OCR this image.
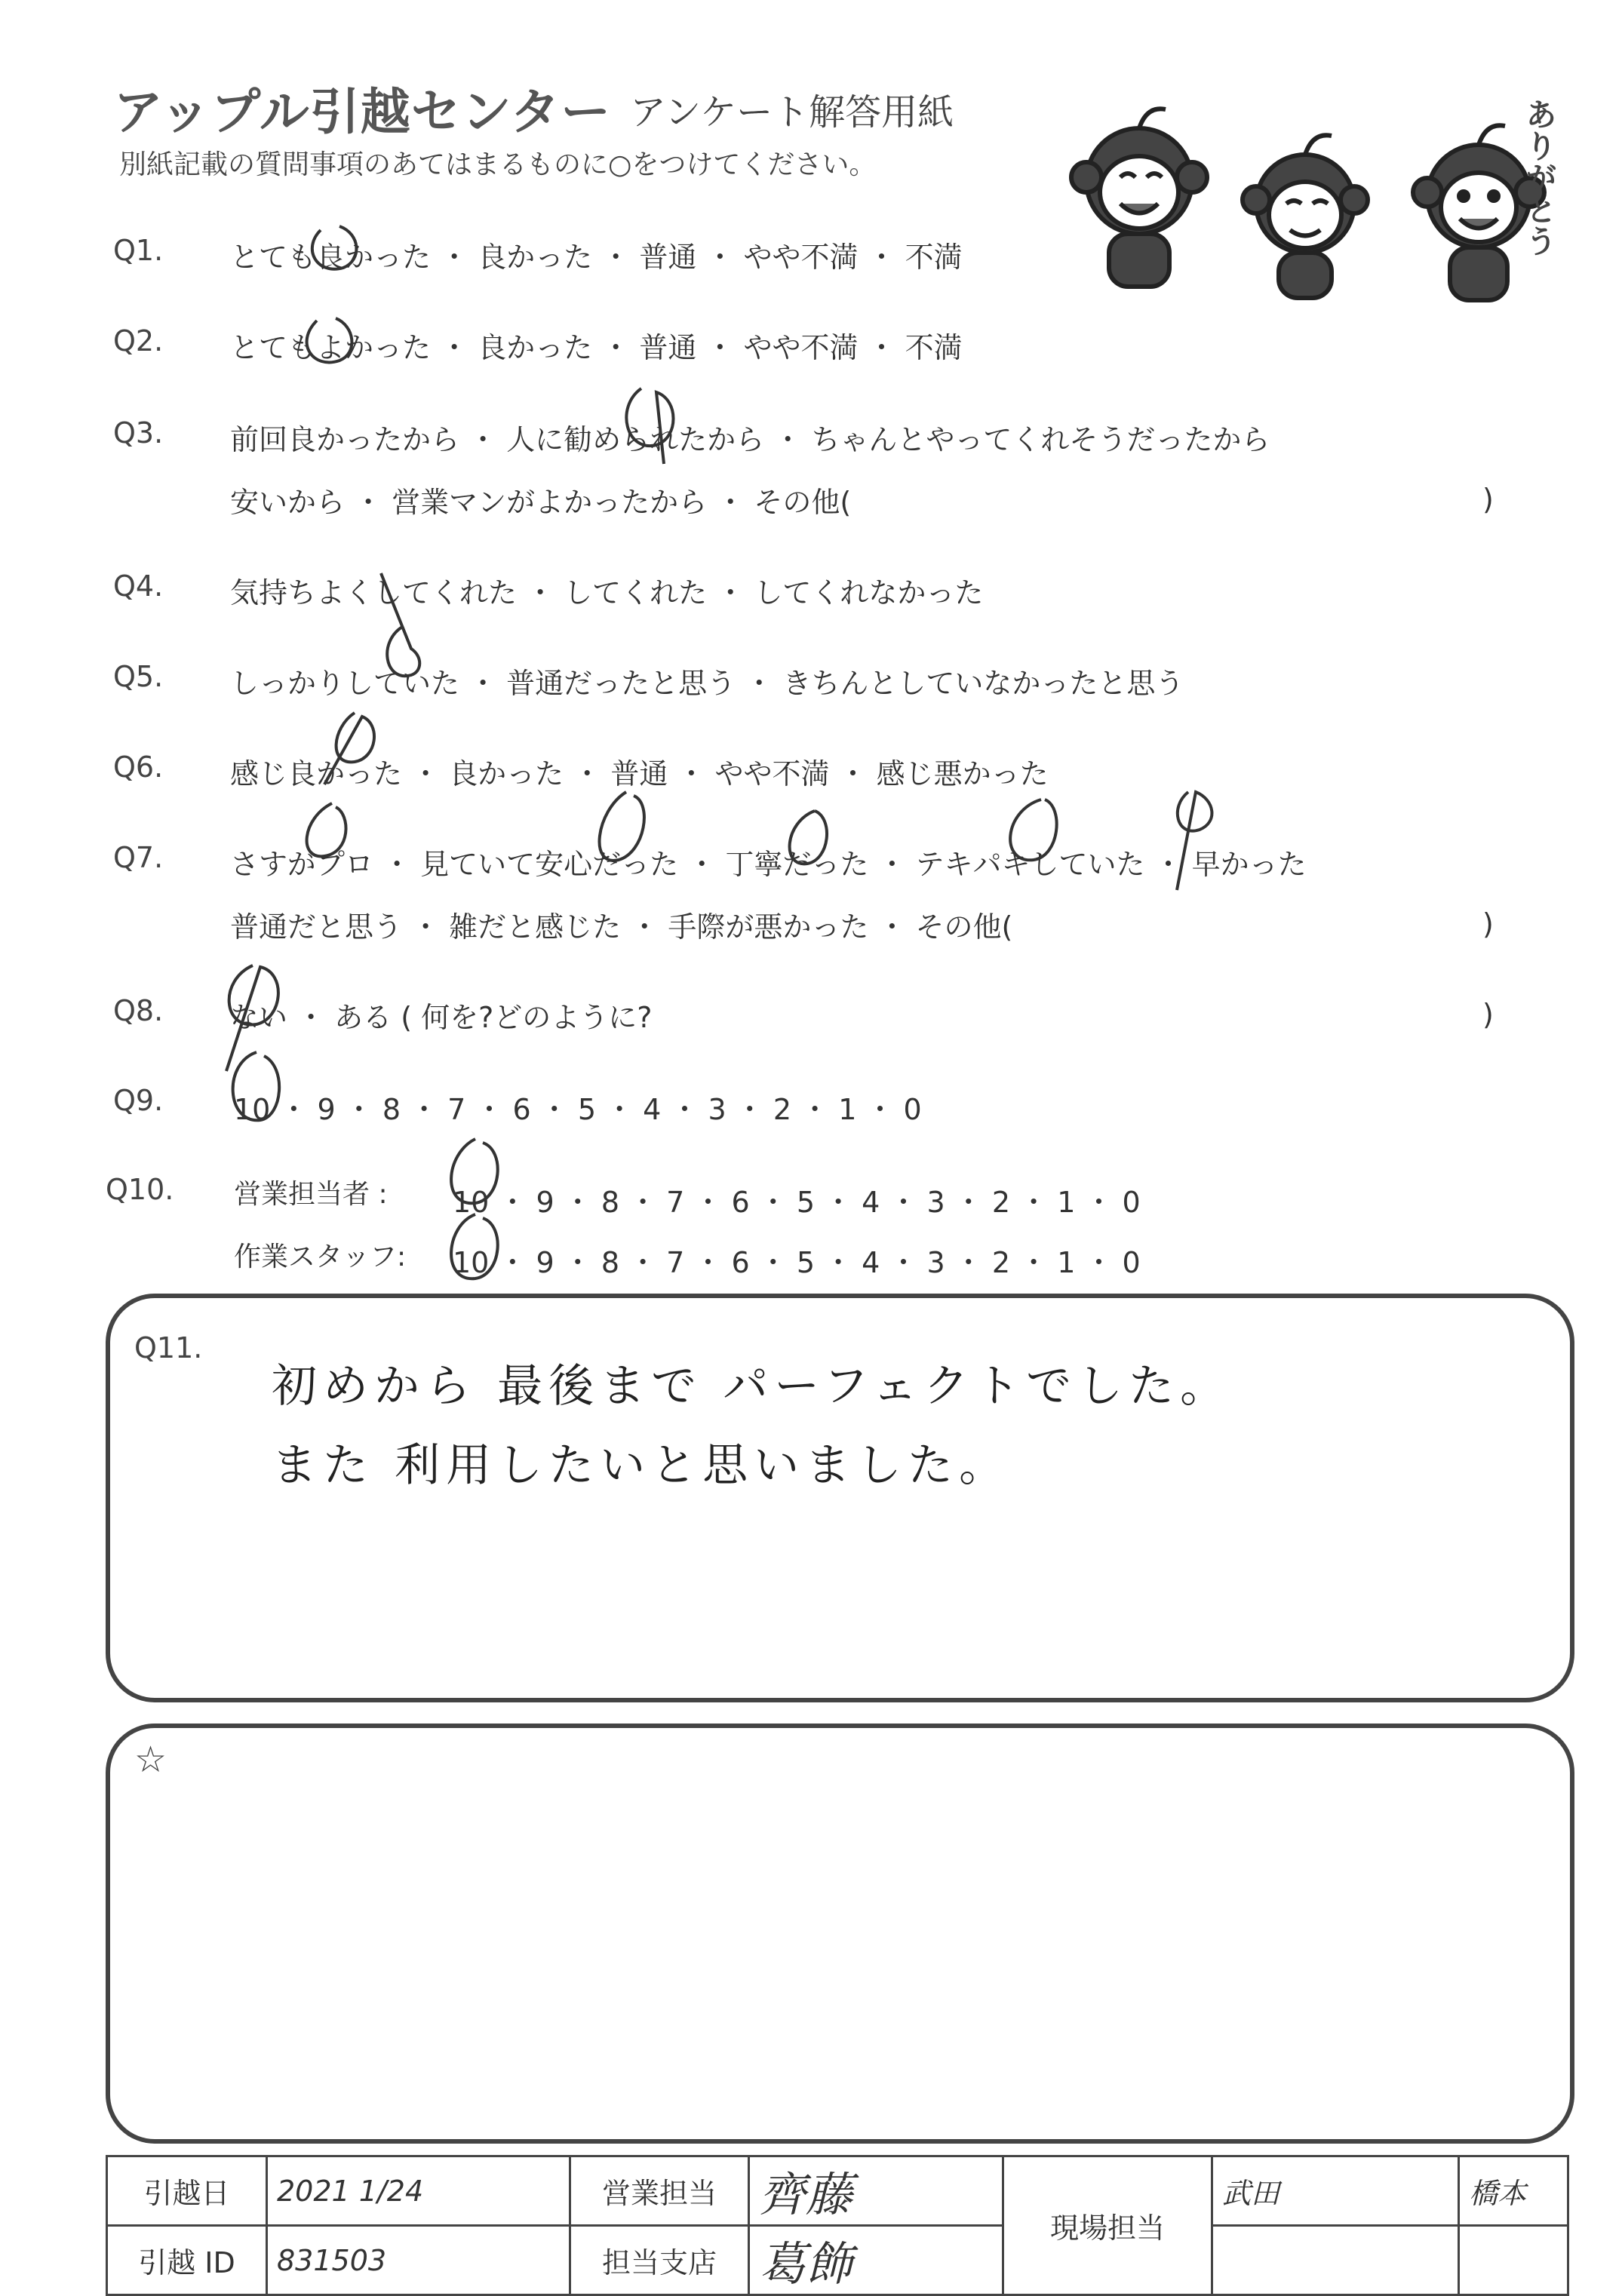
アップル引越センター アンケート解答用紙
別紙記載の質問事項のあてはまるものに○をつけてください。	ありがとう
Q1. とても良かった ・ 良かった ・ 普通 ・ やや不満 ・ 不満
Q2. とてもよかった ・ 良かった ・ 普通 ・ やや不満 ・ 不満
Q3. 前回良かったから ・ 人に勧められたから ・ ちゃんとやってくれそうだったから
安いから ・ 営業マンがよかったから ・ その他(	)
Q4. 気持ちよくしてくれた ・ してくれた ・ してくれなかった
Q5. しっかりしていた ・ 普通だったと思う ・ きちんとしていなかったと思う
Q6. 感じ良かった ・ 良かった ・ 普通 ・ やや不満 ・ 感じ悪かった
Q7. さすがプロ ・ 見ていて安心だった ・ 丁寧だった ・ テキパキしていた ・ 早かった
普通だと思う ・ 雑だと感じた ・ 手際が悪かった ・ その他(	)
Q8. ない ・ ある ( 何を?どのように?	)
Q9. 10 ・ 9 ・ 8 ・ 7 ・ 6 ・ 5 ・ 4 ・ 3 ・ 2 ・ 1 ・ 0
Q10. 営業担当者 : 10 ・ 9 ・ 8 ・ 7 ・ 6 ・ 5 ・ 4 ・ 3 ・ 2 ・ 1 ・ 0
作業スタッフ: 10 ・ 9 ・ 8 ・ 7 ・ 6 ・ 5 ・ 4 ・ 3 ・ 2 ・ 1 ・ 0
Q11.
初めから 最後まで パーフェクトでした。
また 利用したいと思いました。
☆
引越日	2021 1/24	営業担当	齊藤	現場担当	武田	橋本
引越 ID	831503	担当支店	葛飾			
